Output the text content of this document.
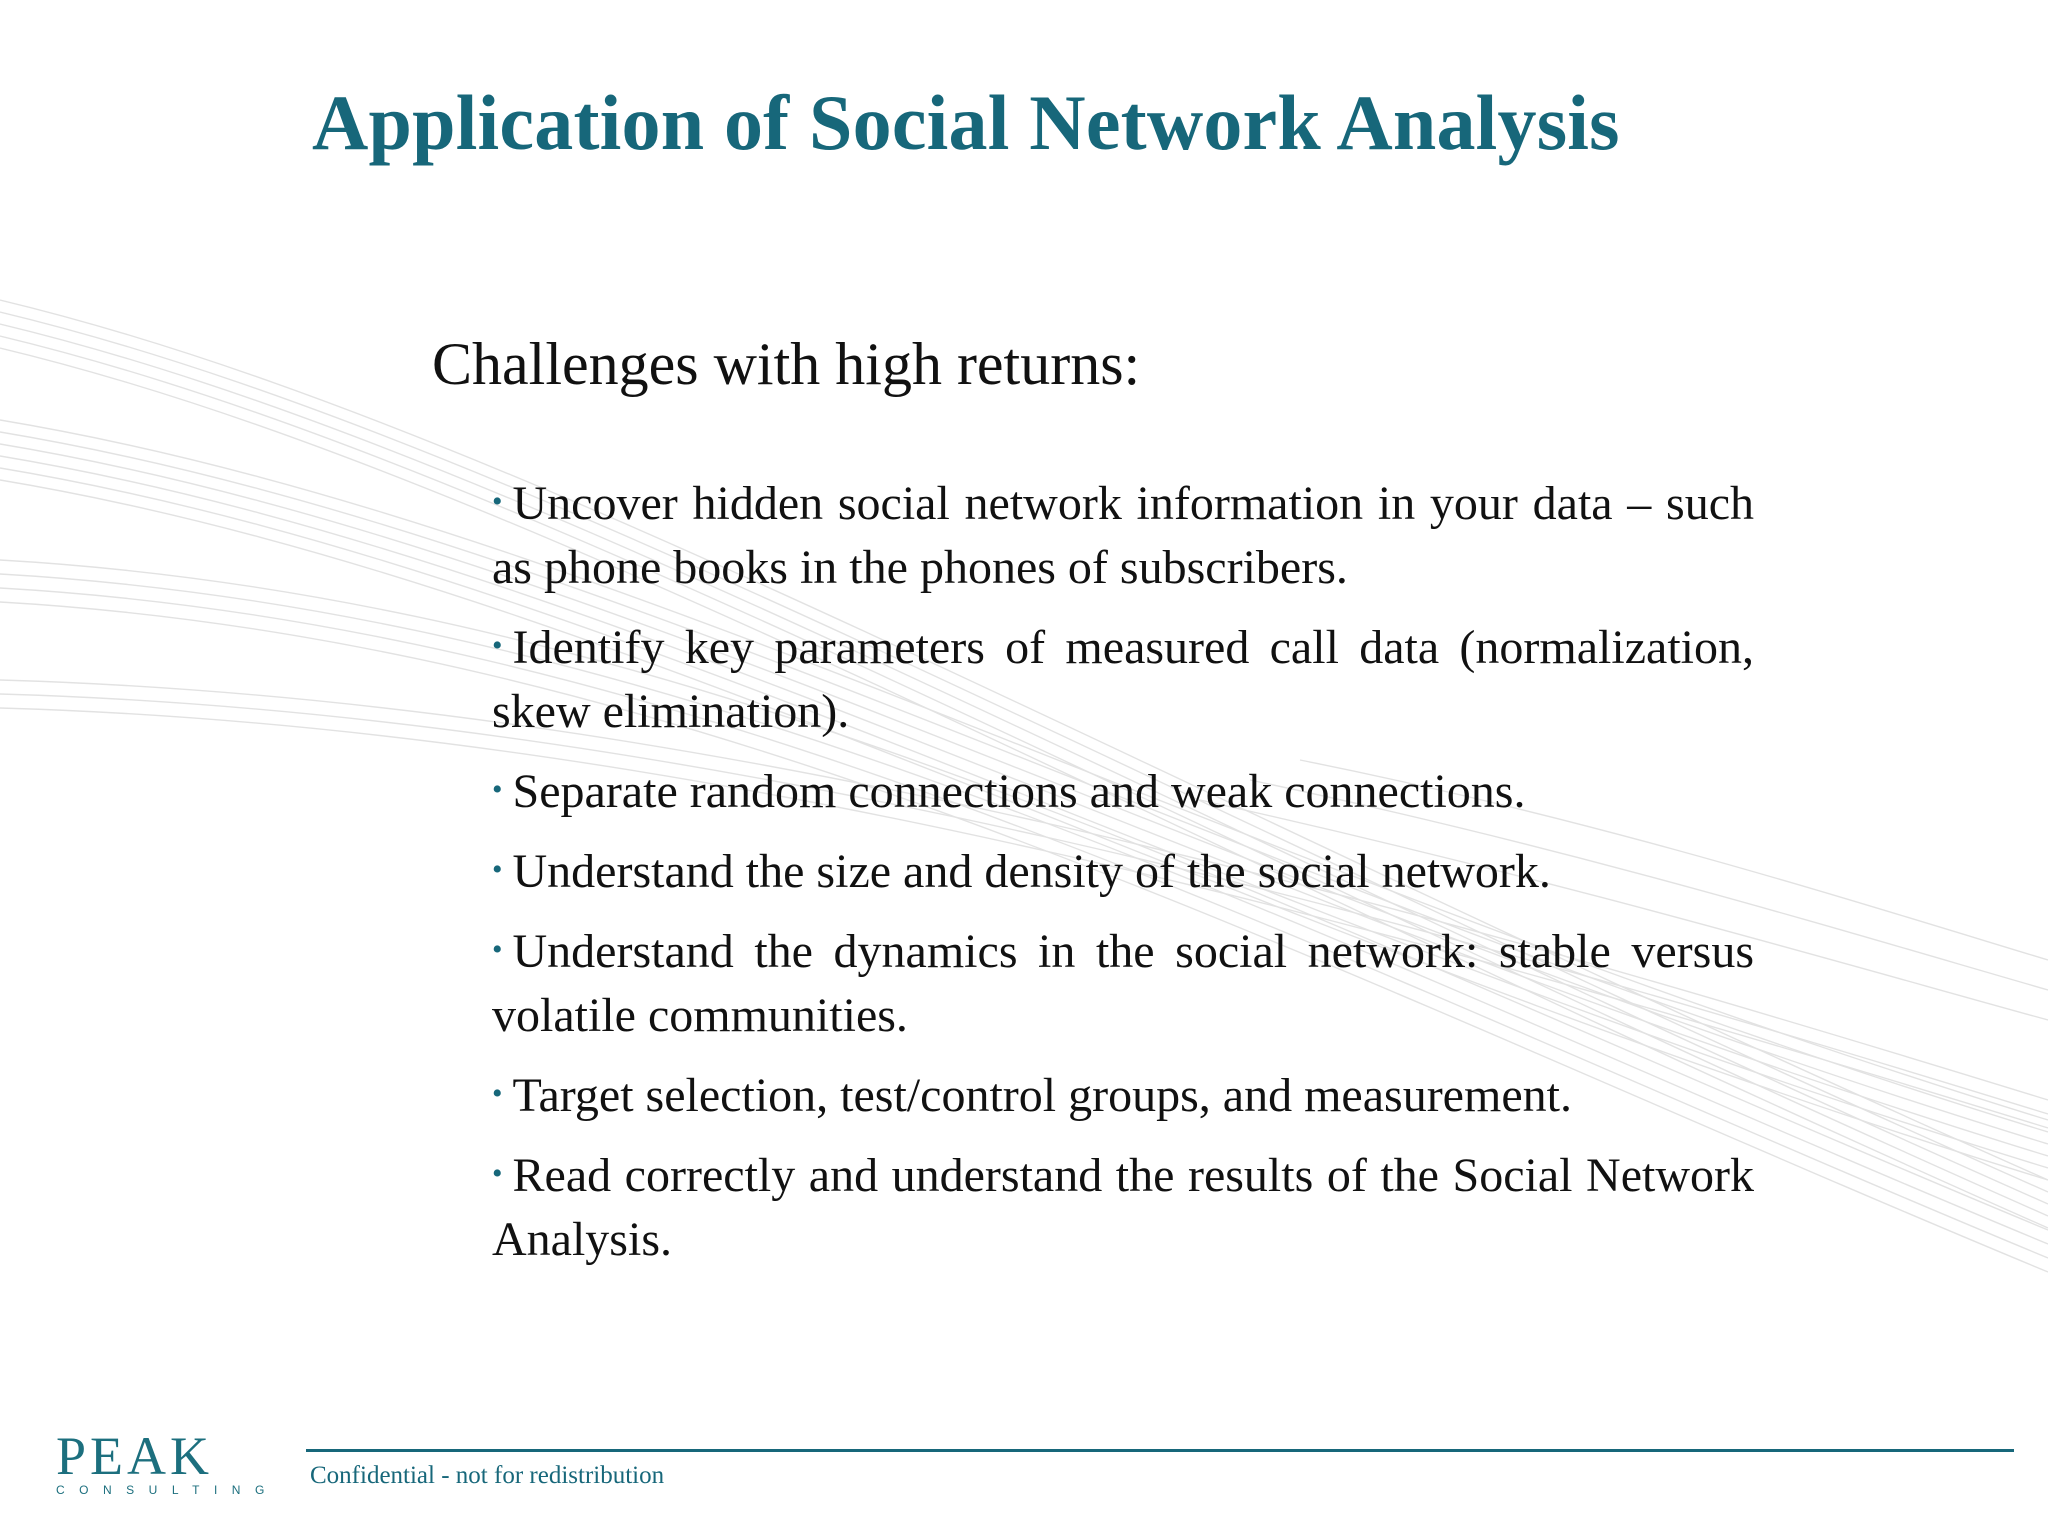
Application of Social Network Analysis
Challenges with high returns:
• Uncover hidden social network information in your data – such as phone books in the phones of subscribers.
• Identify key parameters of measured call data (normalization, skew elimination).
• Separate random connections and weak connections.
• Understand the size and density of the social network.
• Understand the dynamics in the social network: stable versus volatile communities.
• Target selection, test/control groups, and measurement.
• Read correctly and understand the results of the Social Network Analysis.
PEAK
CONSULTING
Confidential - not for redistribution
